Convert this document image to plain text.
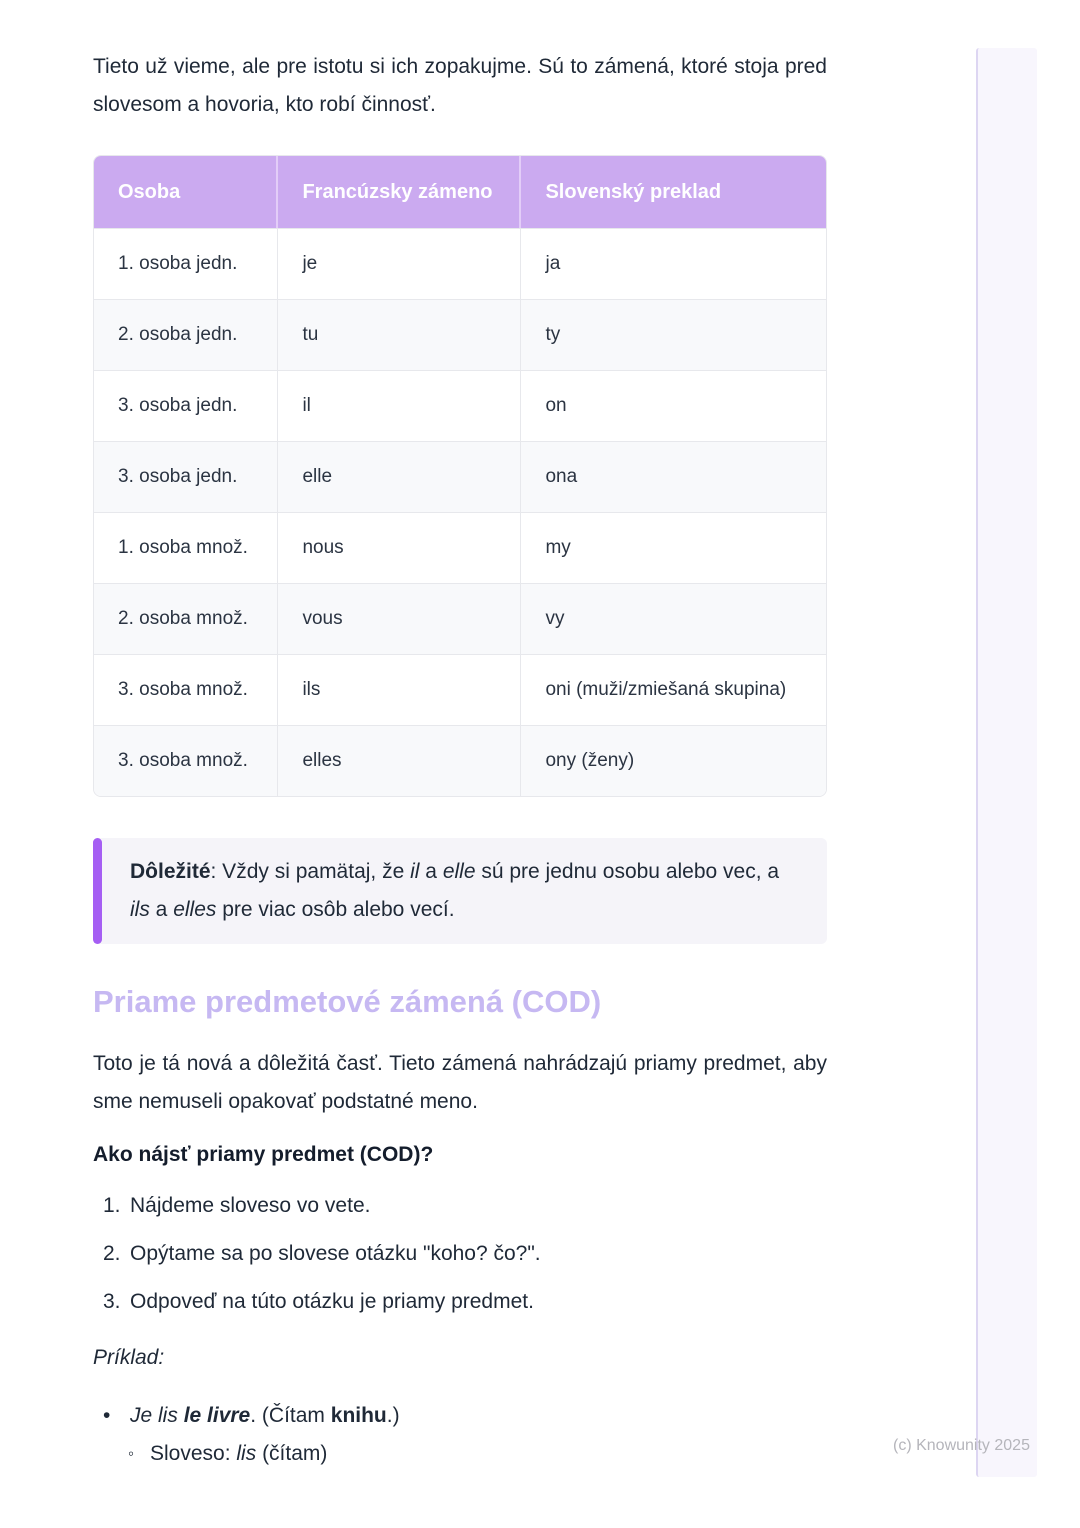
Tieto už vieme, ale pre istotu si ich zopakujme. Sú to zámená, ktoré stoja pred slovesom a hovoria, kto robí činnosť.

Osoba	Francúzsky zámeno	Slovenský preklad
1. osoba jedn.	je	ja
2. osoba jedn.	tu	ty
3. osoba jedn.	il	on
3. osoba jedn.	elle	ona
1. osoba množ.	nous	my
2. osoba množ.	vous	vy
3. osoba množ.	ils	oni (muži/zmiešaná skupina)
3. osoba množ.	elles	ony (ženy)
Dôležité: Vždy si pamätaj, že il a elle sú pre jednu osobu alebo vec, a ils a elles pre viac osôb alebo vecí.
Priame predmetové zámená (COD)

Toto je tá nová a dôležitá časť. Tieto zámená nahrádzajú priamy predmet, aby sme nemuseli opakovať podstatné meno.

Ako nájsť priamy predmet (COD)?
1. Nájdeme sloveso vo vete.
2. Opýtame sa po slovese otázku "koho? čo?".
3. Odpoveď na túto otázku je priamy predmet.
Príklad:
• Je lis le livre. (Čítam knihu.)
◦ Sloveso: lis (čítam)	(c) Knowunity 2025
